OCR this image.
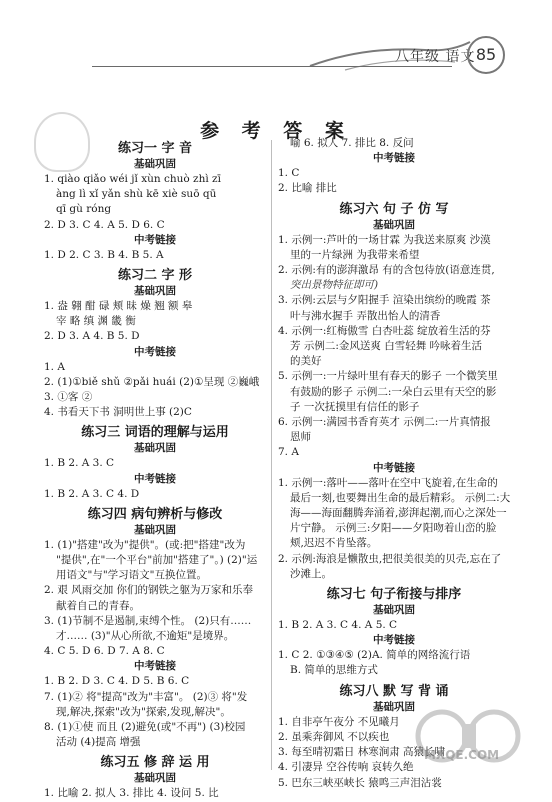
八年级 语文 85
参 考 答 案
练习一 字 音
基础巩固
1. qiào qiǎo wéi jǐ xùn chuò zhì zī
àng lì xǐ yǎn shù kē xiè suō qū
qī gù róng
2. D 3. C 4. A 5. D 6. C
中考链接
1. D 2. C 3. B 4. B 5. A
练习二 字 形
基础巩固
1. 盎 翱 酣 碌 颊 昧 燥 翘 额 皋
宰 略 缜 渊 畿 衡
2. D 3. A 4. B 5. D
中考链接
1. A
2. (1)①biě shǔ ②pǎi huái (2)①呈现 ②巍峨
3. ①客 ②
4. 书看天下书 洞明世上事 (2)C
练习三 词语的理解与运用
基础巩固
1. B 2. A 3. C
中考链接
1. B 2. A 3. C 4. D
练习四 病句辨析与修改
基础巩固
1. (1)"搭建"改为"提供"。(或:把"搭建"改为
"提供",在"一个平台"前加"搭建了"。) (2)"运
用语文"与"学习语文"互换位置。
2. 艰 风雨交加 你们的钢铁之躯为万家和乐奉
献着自己的青春。
3. (1)节制不是遏制,束缚个性。 (2)只有……
才…… (3)"从心所欲,不逾矩"是境界。
4. C 5. D 6. D 7. A 8. C
中考链接
1. B 2. D 3. C 4. D 5. B 6. C
7. (1)② 将"提高"改为"丰富"。 (2)③ 将"发
现,解决,探索"改为"探索,发现,解决"。
8. (1)①使 而且 (2)避免(或"不再") (3)校园
活动 (4)提高 增强
练习五 修 辞 运 用
基础巩固
1. 比喻 2. 拟人 3. 排比 4. 设问 5. 比
喻 6. 拟人 7. 排比 8. 反问
中考链接
1. C
2. 比喻 排比
练习六 句 子 仿 写
基础巩固
1. 示例一:芦叶的一场甘霖 为我送来原爽 沙漠
里的一片绿洲 为我带来希望
2. 示例:有的澎湃激昂 有的含包待放(语意连贯,
突出景物特征即可)
3. 示例:云层与夕阳握手 渲染出缤纷的晚霞 茶
叶与沸水握手 弄散出怡人的清香
4. 示例一:红梅傲雪 白杏吐蕊 绽放着生活的芬
芳 示例二:金风送爽 白雪轻舞 吟咏着生活
的美好
5. 示例一:一片绿叶里有春天的影子 一个微笑里
有鼓励的影子 示例二:一朵白云里有天空的影
子 一次抚摸里有信任的影子
6. 示例一:满园书香育英才 示例二:一片真情报
恩师
7. A
中考链接
1. 示例一:落叶——落叶在空中飞旋着,在生命的
最后一刻,也要舞出生命的最后精彩。 示例二:大
海——海面翻腾奔涌着,澎湃起潮,而心之深处一
片宁静。 示例三:夕阳——夕阳吻着山峦的脸
颊,迟迟不肯坠落。
2. 示例:海浪是懒散虫,把很美很美的贝壳,忘在了
沙滩上。
练习七 句子衔接与排序
基础巩固
1. B 2. A 3. C 4. A 5. C
中考链接
1. C 2. ①③④⑤ (2)A. 简单的网络流行语
B. 简单的思维方式
练习八 默 写 背 诵
基础巩固
1. 自非亭午夜分 不见曦月
2. 虽乘奔御风 不以疾也
3. 每至晴初霜日 林寒涧肃 高猿长啸
4. 引凄异 空谷传响 哀转久绝
5. 巴东三峡巫峡长 猿鸣三声泪沾裳
MXQE.COM
